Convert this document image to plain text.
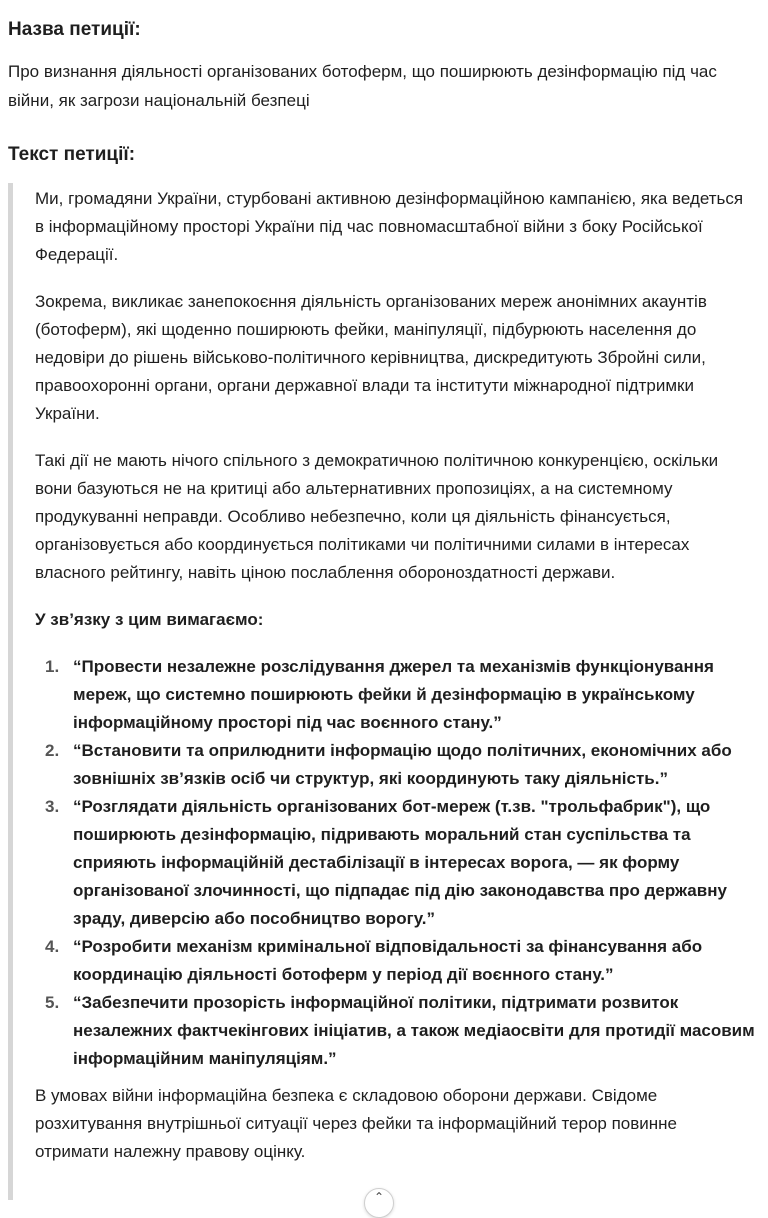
Назва петиції:

Про визнання діяльності організованих ботоферм, що поширюють дезінформацію під час війни, як загрози національній безпеці

Текст петиції:

Ми, громадяни України, стурбовані активною дезінформаційною кампанією, яка ведеться в інформаційному просторі України під час повномасштабної війни з боку Російської Федерації.

Зокрема, викликає занепокоєння діяльність організованих мереж анонімних акаунтів (ботоферм), які щоденно поширюють фейки, маніпуляції, підбурюють населення до недовіри до рішень військово-політичного керівництва, дискредитують Збройні сили, правоохоронні органи, органи державної влади та інститути міжнародної підтримки України.

Такі дії не мають нічого спільного з демократичною політичною конкуренцією, оскільки вони базуються не на критиці або альтернативних пропозиціях, а на системному продукуванні неправди. Особливо небезпечно, коли ця діяльність фінансується, організовується або координується політиками чи політичними силами в інтересах власного рейтингу, навіть ціною послаблення обороноздатності держави.

У зв’язку з цим вимагаємо:

1. “Провести незалежне розслідування джерел та механізмів функціонування мереж, що системно поширюють фейки й дезінформацію в українському інформаційному просторі під час воєнного стану.”
2. “Встановити та оприлюднити інформацію щодо політичних, економічних або зовнішніх зв’язків осіб чи структур, які координують таку діяльність.”
3. “Розглядати діяльність організованих бот-мереж (т.зв. "трольфабрик"), що поширюють дезінформацію, підривають моральний стан суспільства та сприяють інформаційній дестабілізації в інтересах ворога, — як форму організованої злочинності, що підпадає під дію законодавства про державну зраду, диверсію або пособництво ворогу.”
4. “Розробити механізм кримінальної відповідальності за фінансування або координацію діяльності ботоферм у період дії воєнного стану.”
5. “Забезпечити прозорість інформаційної політики, підтримати розвиток незалежних фактчекінгових ініціатив, а також медіаосвіти для протидії масовим інформаційним маніпуляціям.”

В умовах війни інформаційна безпека є складовою оборони держави. Свідоме розхитування внутрішньої ситуації через фейки та інформаційний терор повинне отримати належну правову оцінку.

⌃
